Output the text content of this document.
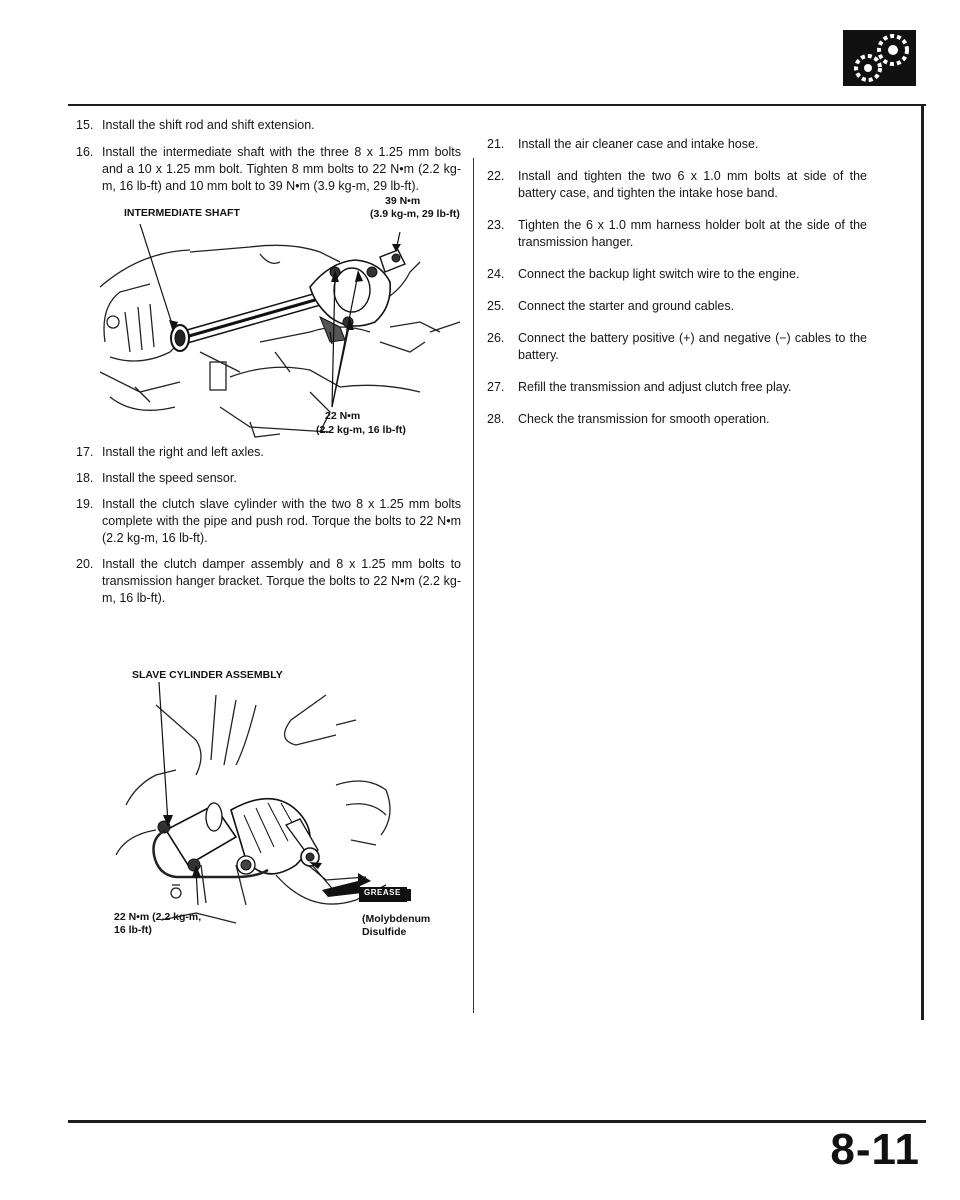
15. Install the shift rod and shift extension.
16. Install the intermediate shaft with the three 8 x 1.25 mm bolts and a 10 x 1.25 mm bolt. Tighten 8 mm bolts to 22 N•m (2.2 kg-m, 16 lb-ft) and 10 mm bolt to 39 N•m (3.9 kg-m, 29 lb-ft).
INTERMEDIATE SHAFT
39 N•m
(3.9 kg-m, 29 lb-ft)
22 N•m
(2.2 kg-m, 16 lb-ft)
17. Install the right and left axles.
18. Install the speed sensor.
19. Install the clutch slave cylinder with the two 8 x 1.25 mm bolts complete with the pipe and push rod. Torque the bolts to 22 N•m (2.2 kg-m, 16 lb-ft).
20. Install the clutch damper assembly and 8 x 1.25 mm bolts to transmission hanger bracket. Torque the bolts to 22 N•m (2.2 kg-m, 16 lb-ft).
SLAVE CYLINDER ASSEMBLY
22 N•m (2.2 kg-m,
16 lb-ft)
GREASE
(Molybdenum
Disulfide
21.	Install the air cleaner case and intake hose.
22.	Install and tighten the two 6 x 1.0 mm bolts at side of the battery case, and tighten the intake hose band.
23.	Tighten the 6 x 1.0 mm harness holder bolt at the side of the transmission hanger.
24.	Connect the backup light switch wire to the engine.
25.	Connect the starter and ground cables.
26.	Connect the battery positive (+) and negative (−) cables to the battery.
27.	Refill the transmission and adjust clutch free play.
28.	Check the transmission for smooth operation.
8-11
